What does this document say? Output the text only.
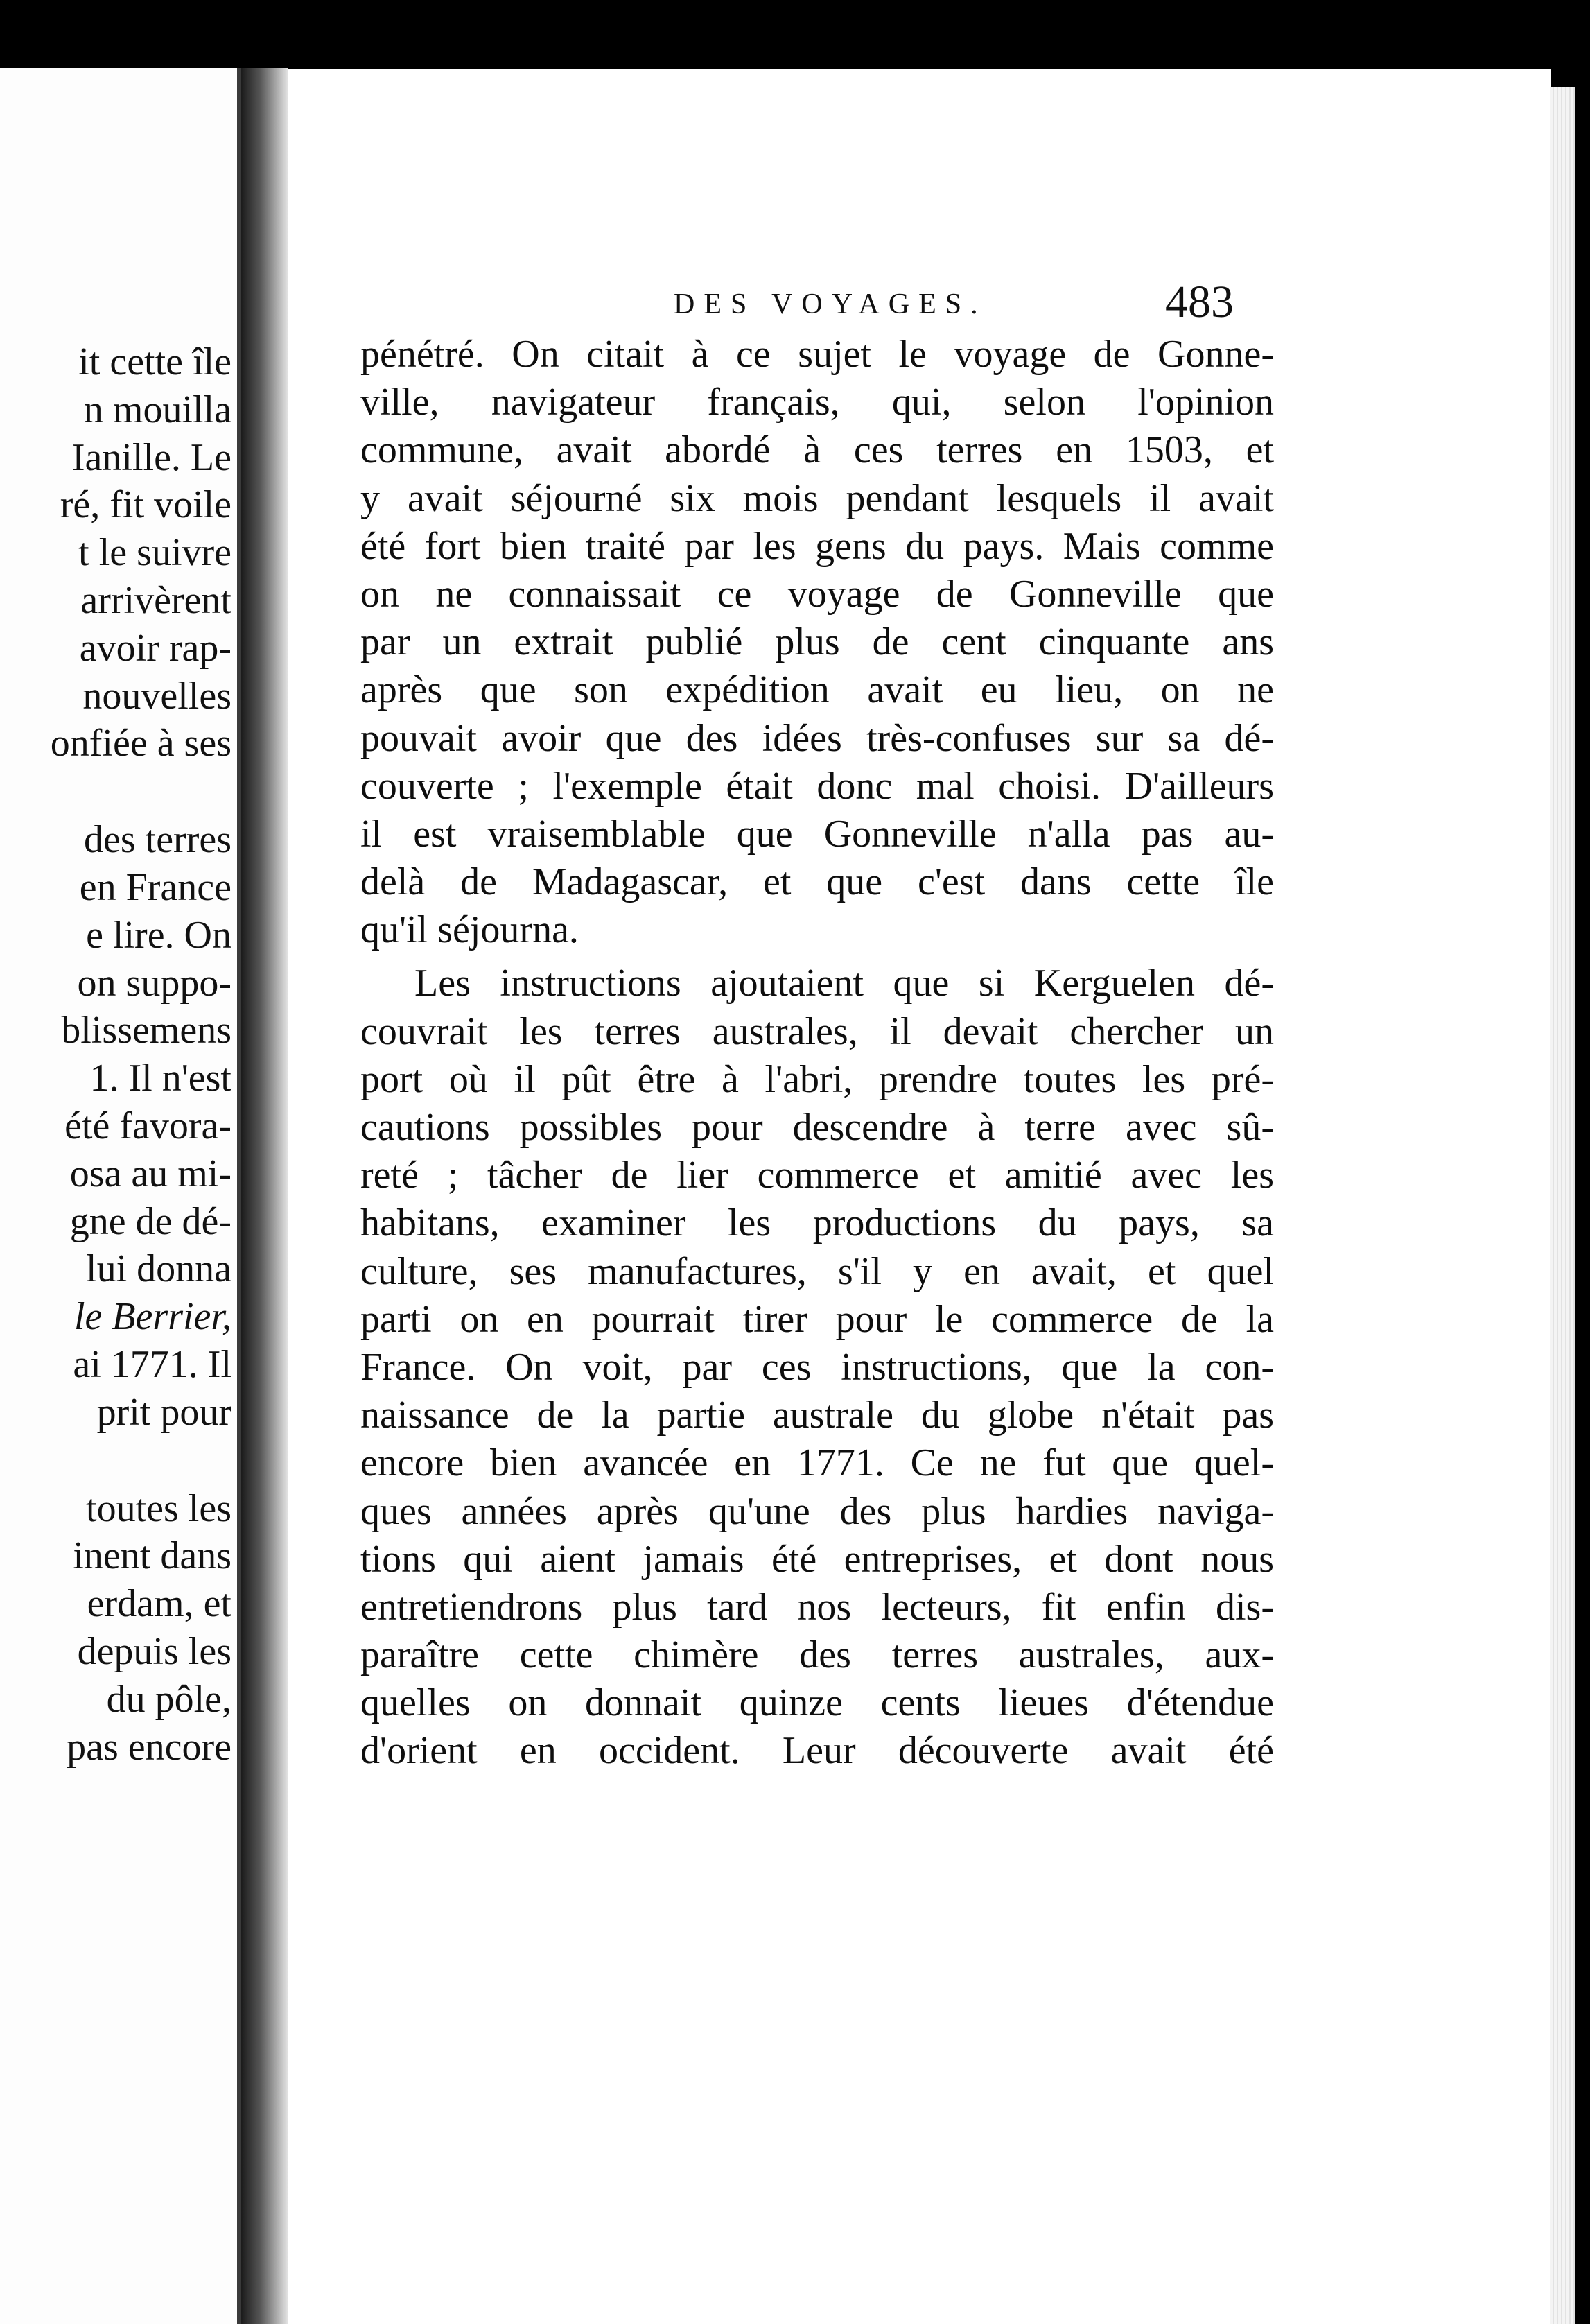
it cette île
n mouilla
Ianille. Le
ré, fit voile
t le suivre
arrivèrent
avoir rap-
nouvelles
onfiée à ses
des terres
en France
e lire. On
on suppo-
blissemens
1. Il n'est
été favora-
osa au mi-
gne de dé-
lui donna
le Berrier,
ai 1771. Il
prit pour
toutes les
inent dans
erdam, et
depuis les
du pôle,
pas encore
DES VOYAGES.	483
pénétré. On citait à ce sujet le voyage de Gonne-
ville, navigateur français, qui, selon l'opinion
commune, avait abordé à ces terres en 1503, et
y avait séjourné six mois pendant lesquels il avait
été fort bien traité par les gens du pays. Mais comme
on ne connaissait ce voyage de Gonneville que
par un extrait publié plus de cent cinquante ans
après que son expédition avait eu lieu, on ne
pouvait avoir que des idées très-confuses sur sa dé-
couverte ; l'exemple était donc mal choisi. D'ailleurs
il est vraisemblable que Gonneville n'alla pas au-
delà de Madagascar, et que c'est dans cette île
qu'il séjourna.
Les instructions ajoutaient que si Kerguelen dé-
couvrait les terres australes, il devait chercher un
port où il pût être à l'abri, prendre toutes les pré-
cautions possibles pour descendre à terre avec sû-
reté ; tâcher de lier commerce et amitié avec les
habitans, examiner les productions du pays, sa
culture, ses manufactures, s'il y en avait, et quel
parti on en pourrait tirer pour le commerce de la
France. On voit, par ces instructions, que la con-
naissance de la partie australe du globe n'était pas
encore bien avancée en 1771. Ce ne fut que quel-
ques années après qu'une des plus hardies naviga-
tions qui aient jamais été entreprises, et dont nous
entretiendrons plus tard nos lecteurs, fit enfin dis-
paraître cette chimère des terres australes, aux-
quelles on donnait quinze cents lieues d'étendue
d'orient en occident. Leur découverte avait été
